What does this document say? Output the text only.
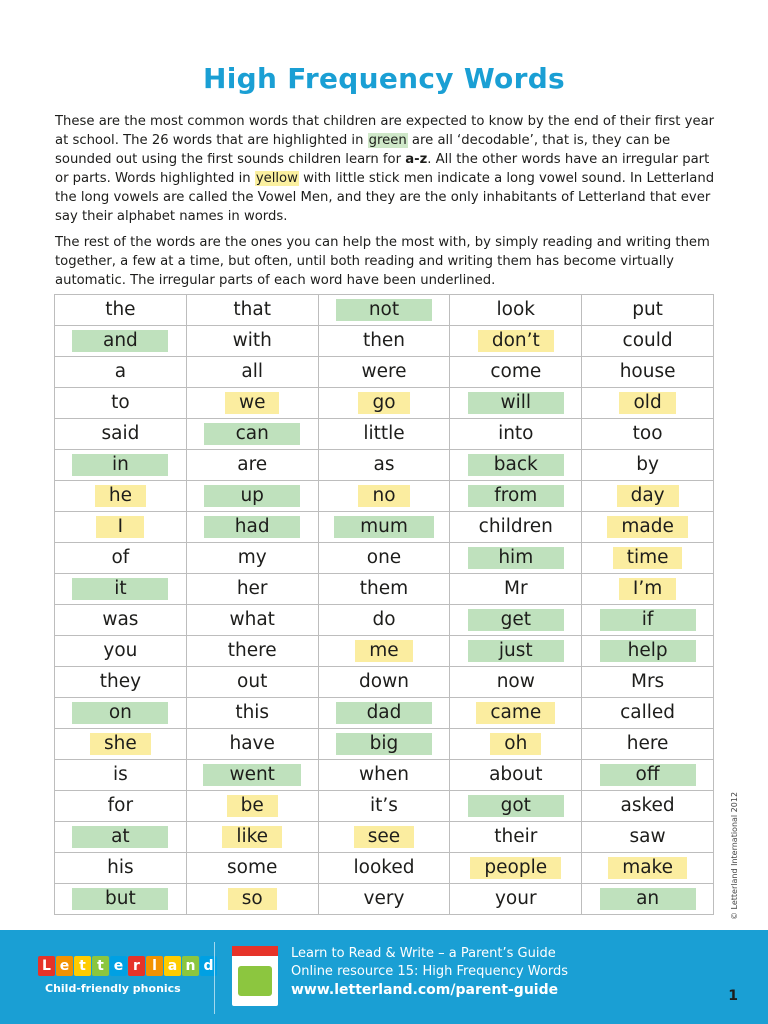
High Frequency Words

These are the most common words that children are expected to know by the end of their first year at school. The 26 words that are highlighted in green are all ‘decodable’, that is, they can be sounded out using the first sounds children learn for a-z. All the other words have an irregular part or parts. Words highlighted in yellow with little stick men indicate a long vowel sound. In Letterland the long vowels are called the Vowel Men, and they are the only inhabitants of Letterland that ever say their alphabet names in words.

The rest of the words are the ones you can help the most with, by simply reading and writing them together, a few at a time, but often, until both reading and writing them has become virtually automatic. The irregular parts of each word have been underlined.

the	that	not	look	put
and	with	then	don’t	could
a	all	were	come	house
to	we	go	will	old
said	can	little	into	too
in	are	as	back	by
he	up	no	from	day
I	had	mum	children	made
of	my	one	him	time
it	her	them	Mr	I’m
was	what	do	get	if
you	there	me	just	help
they	out	down	now	Mrs
on	this	dad	came	called
she	have	big	oh	here
is	went	when	about	off
for	be	it’s	got	asked
at	like	see	their	saw
his	some	looked	people	make
but	so	very	your	an	© Letterland International 2012
L e t t e r l a n d
Child-friendly phonics
Learn to Read & Write – a Parent’s Guide
Online resource 15: High Frequency Words
www.letterland.com/parent-guide	1
